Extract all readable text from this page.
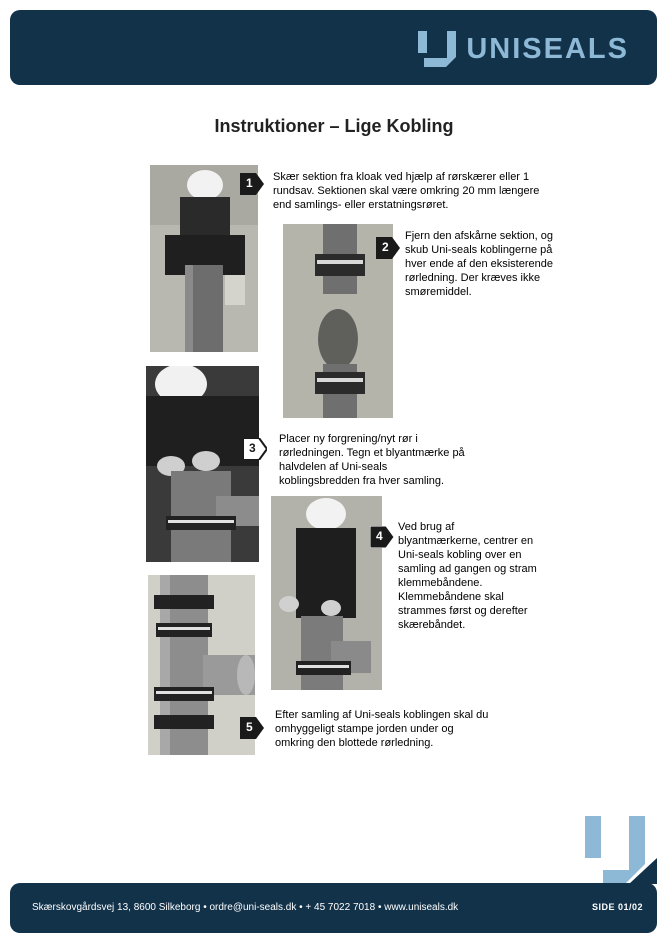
UNISEALS
Instruktioner – Lige Kobling
1 Skær sektion fra kloak ved hjælp af rørskærer eller 1 rundsav. Sektionen skal være omkring 20 mm længere end samlings- eller erstatningsrøret.
2
Fjern den afskårne sektion, og skub Uni-seals koblingerne på hver ende af den eksisterende rørledning. Der kræves ikke smøremiddel.
3
Placer ny forgrening/nyt rør i rørledningen. Tegn et blyantmærke på halvdelen af Uni-seals koblingsbredden fra hver samling.
4
Ved brug af blyantmærkerne, centrer en Uni-seals kobling over en samling ad gangen og stram klemmebåndene. Klemmebåndene skal strammes først og derefter skærebåndet.
5
Efter samling af Uni-seals koblingen skal du omhyggeligt stampe jorden under og omkring den blottede rørledning.
Skærskovgårdsvej 13, 8600 Silkeborg • ordre@uni-seals.dk • + 45 7022 7018 • www.uniseals.dk	SIDE 01/02
